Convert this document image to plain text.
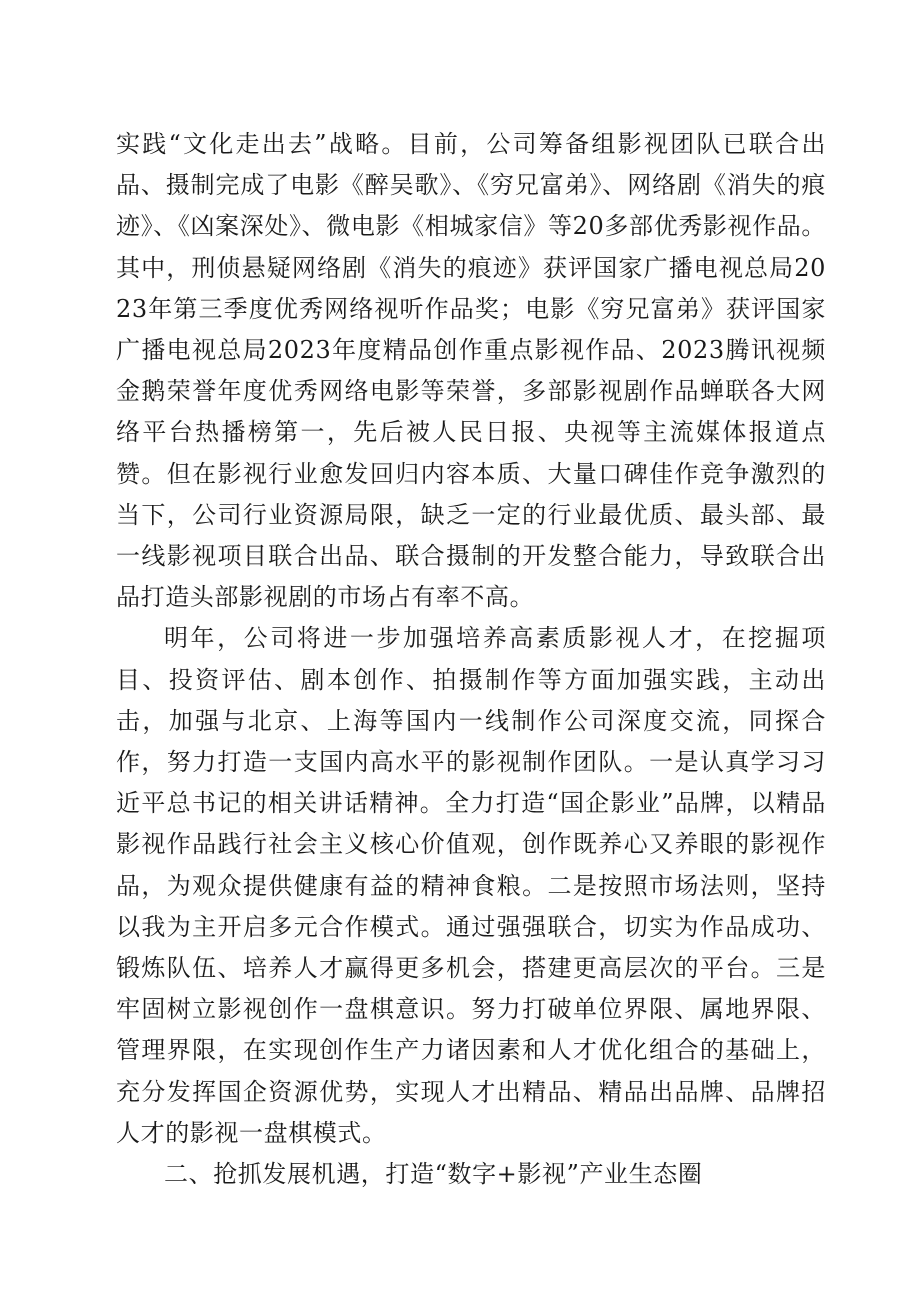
实践“文化走出去”战略。目前，公司筹备组影视团队已联合出品、摄制完成了电影《醉吴歌》、《穷兄富弟》、网络剧《消失的痕迹》、《凶案深处》、微电影《相城家信》等20多部优秀影视作品。其中，刑侦悬疑网络剧《消失的痕迹》获评国家广播电视总局2023年第三季度优秀网络视听作品奖；电影《穷兄富弟》获评国家广播电视总局2023年度精品创作重点影视作品、2023腾讯视频金鹅荣誉年度优秀网络电影等荣誉，多部影视剧作品蝉联各大网络平台热播榜第一，先后被人民日报、央视等主流媒体报道点赞。但在影视行业愈发回归内容本质、大量口碑佳作竞争激烈的当下，公司行业资源局限，缺乏一定的行业最优质、最头部、最一线影视项目联合出品、联合摄制的开发整合能力，导致联合出品打造头部影视剧的市场占有率不高。

明年，公司将进一步加强培养高素质影视人才，在挖掘项目、投资评估、剧本创作、拍摄制作等方面加强实践，主动出击，加强与北京、上海等国内一线制作公司深度交流，同探合作，努力打造一支国内高水平的影视制作团队。一是认真学习习近平总书记的相关讲话精神。全力打造“国企影业”品牌，以精品影视作品践行社会主义核心价值观，创作既养心又养眼的影视作品，为观众提供健康有益的精神食粮。二是按照市场法则，坚持以我为主开启多元合作模式。通过强强联合，切实为作品成功、锻炼队伍、培养人才赢得更多机会，搭建更高层次的平台。三是牢固树立影视创作一盘棋意识。努力打破单位界限、属地界限、管理界限，在实现创作生产力诸因素和人才优化组合的基础上，充分发挥国企资源优势，实现人才出精品、精品出品牌、品牌招人才的影视一盘棋模式。

二、抢抓发展机遇，打造“数字+影视”产业生态圈
